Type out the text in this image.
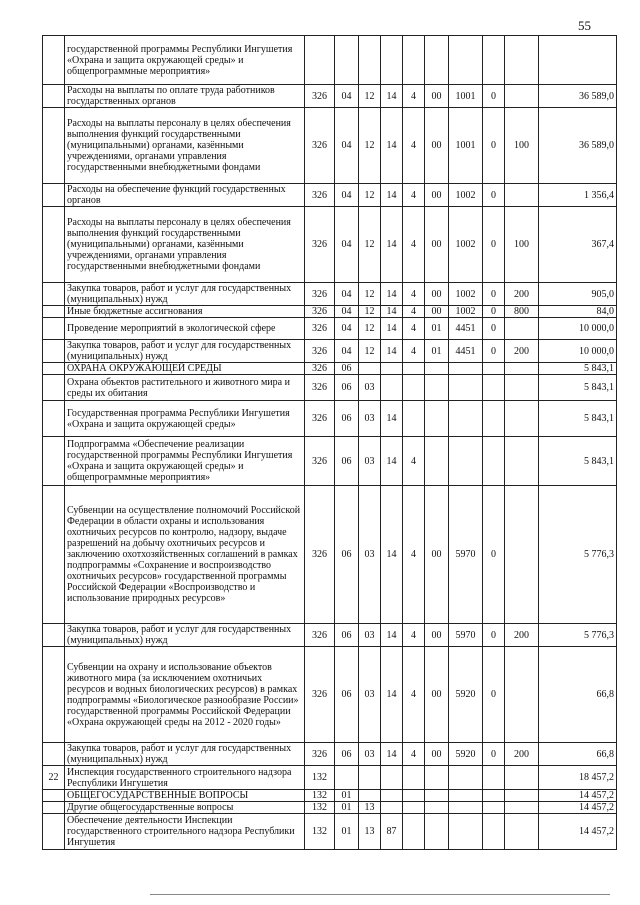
55
	государственной программы Республики Ингушетия «Охрана и защита окружающей среды» и общепрограммные мероприятия»										
	Расходы на выплаты по оплате труда работников государственных органов	326	04	12	14	4	00	1001	0		36 589,0
	Расходы на выплаты персоналу в целях обеспечения выполнения функций государственными (муниципальными) органами, казёнными учреждениями, органами управления государственными внебюджетными фондами	326	04	12	14	4	00	1001	0	100	36 589,0
	Расходы на обеспечение функций государственных органов	326	04	12	14	4	00	1002	0		1 356,4
	Расходы на выплаты персоналу в целях обеспечения выполнения функций государственными (муниципальными) органами, казёнными учреждениями, органами управления государственными внебюджетными фондами	326	04	12	14	4	00	1002	0	100	367,4
	Закупка товаров, работ и услуг для государственных (муниципальных) нужд	326	04	12	14	4	00	1002	0	200	905,0
	Иные бюджетные ассигнования	326	04	12	14	4	00	1002	0	800	84,0
	Проведение мероприятий в экологической сфере	326	04	12	14	4	01	4451	0		10 000,0
	Закупка товаров, работ и услуг для государственных (муниципальных) нужд	326	04	12	14	4	01	4451	0	200	10 000,0
	ОХРАНА ОКРУЖАЮЩЕЙ СРЕДЫ	326	06								5 843,1
	Охрана объектов растительного и животного мира и среды их обитания	326	06	03							5 843,1
	Государственная программа Республики Ингушетия «Охрана и защита окружающей среды»	326	06	03	14						5 843,1
	Подпрограмма «Обеспечение реализации государственной программы Республики Ингушетия «Охрана и защита окружающей среды» и общепрограммные мероприятия»	326	06	03	14	4					5 843,1
	Субвенции на осуществление полномочий Российской Федерации в области охраны и использования охотничьих ресурсов по контролю, надзору, выдаче разрешений на добычу охотничьих ресурсов и заключению охотхозяйственных соглашений в рамках подпрограммы «Сохранение и воспроизводство охотничьих ресурсов» государственной программы Российской Федерации «Воспроизводство и использование природных ресурсов»	326	06	03	14	4	00	5970	0		5 776,3
	Закупка товаров, работ и услуг для государственных (муниципальных) нужд	326	06	03	14	4	00	5970	0	200	5 776,3
	Субвенции на охрану и использование объектов животного мира (за исключением охотничьих ресурсов и водных биологических ресурсов) в рамках подпрограммы «Биологическое разнообразие России» государственной программы Российской Федерации «Охрана окружающей среды на 2012 - 2020 годы»	326	06	03	14	4	00	5920	0		66,8
	Закупка товаров, работ и услуг для государственных (муниципальных) нужд	326	06	03	14	4	00	5920	0	200	66,8
22	Инспекция государственного строительного надзора Республики Ингушетия	132									18 457,2
	ОБЩЕГОСУДАРСТВЕННЫЕ ВОПРОСЫ	132	01								14 457,2
	Другие общегосударственные вопросы	132	01	13							14 457,2
	Обеспечение деятельности Инспекции государственного строительного надзора Республики Ингушетия	132	01	13	87						14 457,2
